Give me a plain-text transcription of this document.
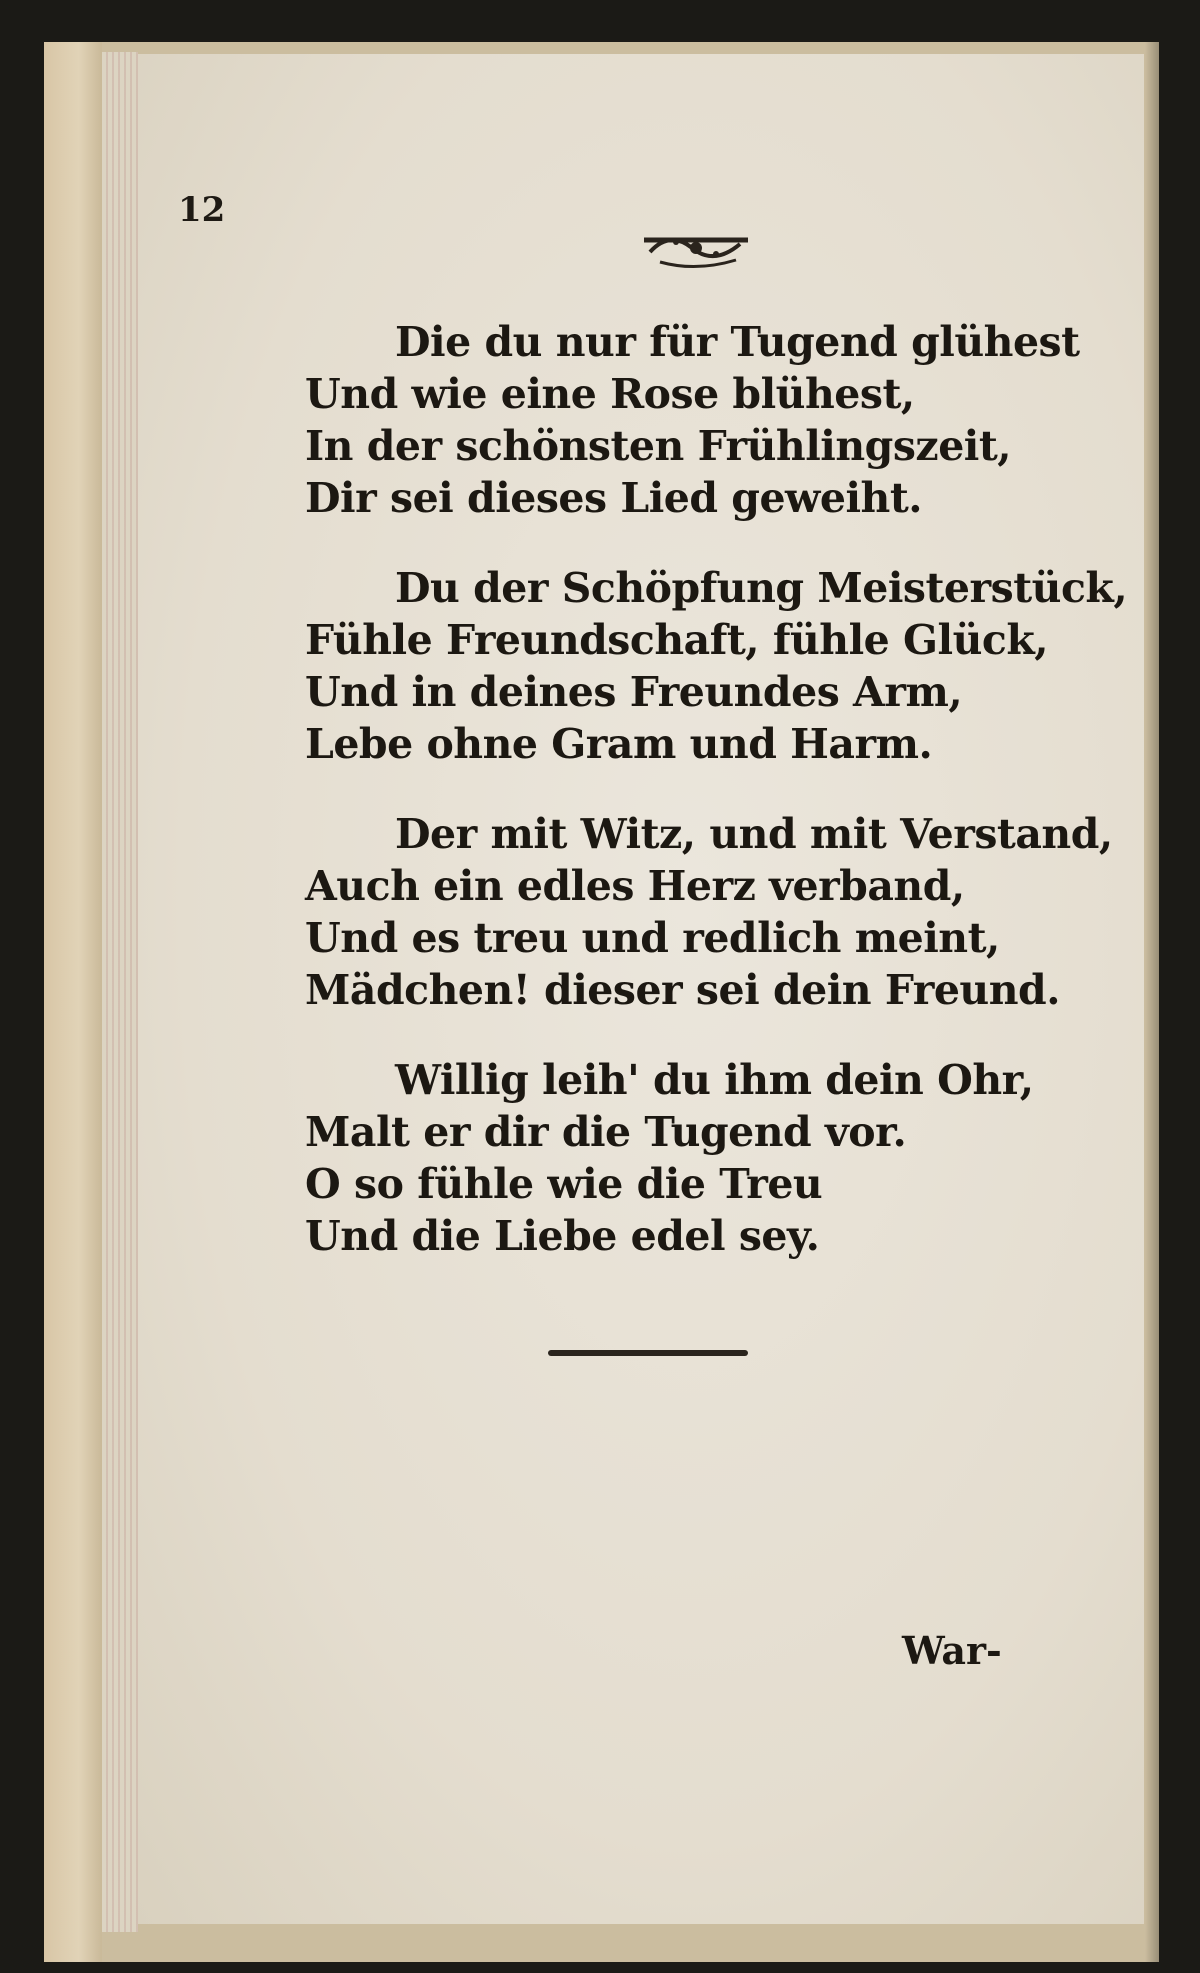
12
Die du nur für Tugend glühest
Und wie eine Rose blühest,
In der schönsten Frühlingszeit,
Dir sei dieses Lied geweiht.
Du der Schöpfung Meisterstück,
Fühle Freundschaft, fühle Glück,
Und in deines Freundes Arm,
Lebe ohne Gram und Harm.
Der mit Witz, und mit Verstand,
Auch ein edles Herz verband,
Und es treu und redlich meint,
Mädchen! dieser sei dein Freund.
Willig leih' du ihm dein Ohr,
Malt er dir die Tugend vor.
O so fühle wie die Treu
Und die Liebe edel sey.
War-
